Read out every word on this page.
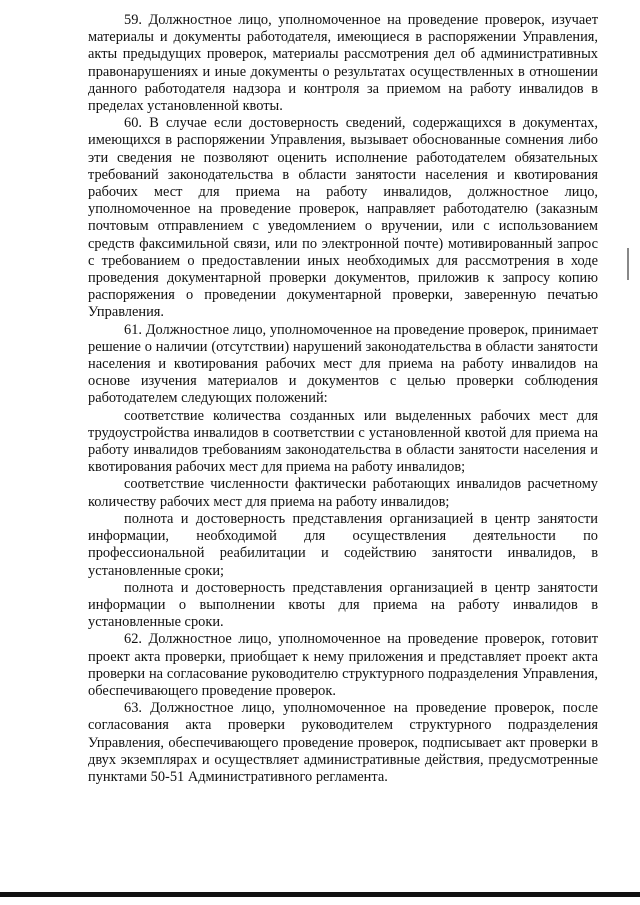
59. Должностное лицо, уполномоченное на проведение проверок, изучает материалы и документы работодателя, имеющиеся в распоряжении Управления, акты предыдущих проверок, материалы рассмотрения дел об административных правонарушениях и иные документы о результатах осуществленных в отношении данного работодателя надзора и контроля за приемом на работу инвалидов в пределах установленной квоты.

60. В случае если достоверность сведений, содержащихся в документах, имеющихся в распоряжении Управления, вызывает обоснованные сомнения либо эти сведения не позволяют оценить исполнение работодателем обязательных требований законодательства в области занятости населения и квотирования рабочих мест для приема на работу инвалидов, должностное лицо, уполномоченное на проведение проверок, направляет работодателю (заказным почтовым отправлением с уведомлением о вручении, или с использованием средств факсимильной связи, или по электронной почте) мотивированный запрос с требованием о предоставлении иных необходимых для рассмотрения в ходе проведения документарной проверки документов, приложив к запросу копию распоряжения о проведении документарной проверки, заверенную печатью Управления.

61. Должностное лицо, уполномоченное на проведение проверок, принимает решение о наличии (отсутствии) нарушений законодательства в области занятости населения и квотирования рабочих мест для приема на работу инвалидов на основе изучения материалов и документов с целью проверки соблюдения работодателем следующих положений:

соответствие количества созданных или выделенных рабочих мест для трудоустройства инвалидов в соответствии с установленной квотой для приема на работу инвалидов требованиям законодательства в области занятости населения и квотирования рабочих мест для приема на работу инвалидов;

соответствие численности фактически работающих инвалидов расчетному количеству рабочих мест для приема на работу инвалидов;

полнота и достоверность представления организацией в центр занятости информации, необходимой для осуществления деятельности по профессиональной реабилитации и содействию занятости инвалидов, в установленные сроки;

полнота и достоверность представления организацией в центр занятости информации о выполнении квоты для приема на работу инвалидов в установленные сроки.

62. Должностное лицо, уполномоченное на проведение проверок, готовит проект акта проверки, приобщает к нему приложения и представляет проект акта проверки на согласование руководителю структурного подразделения Управления, обеспечивающего проведение проверок.

63. Должностное лицо, уполномоченное на проведение проверок, после согласования акта проверки руководителем структурного подразделения Управления, обеспечивающего проведение проверок, подписывает акт проверки в двух экземплярах и осуществляет административные действия, предусмотренные пунктами 50-51 Административного регламента.
